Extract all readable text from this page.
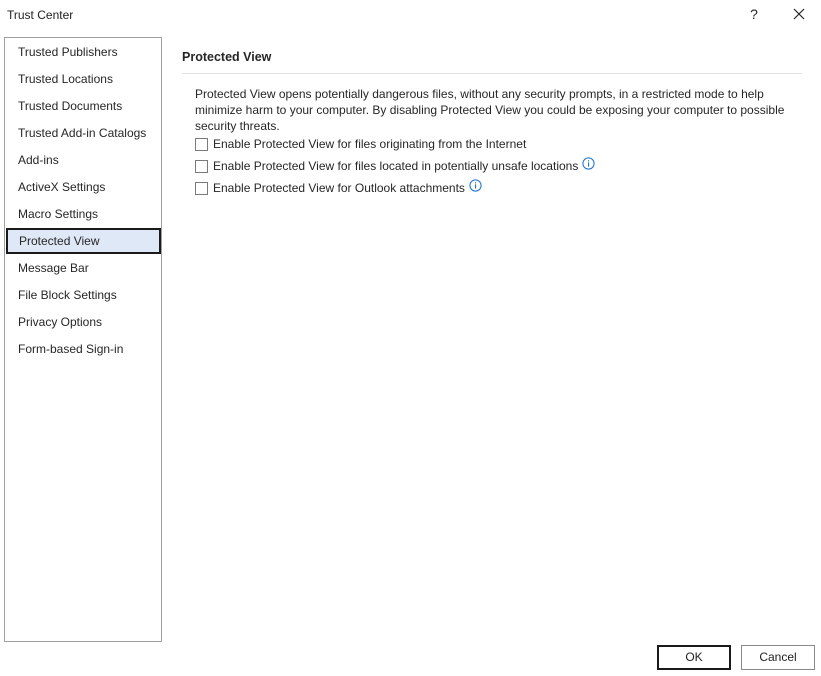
Trust Center	?
Trusted Publishers
Trusted Locations
Trusted Documents
Trusted Add-in Catalogs
Add-ins
ActiveX Settings
Macro Settings
Protected View
Message Bar
File Block Settings
Privacy Options
Form-based Sign-in
Protected View
Protected View opens potentially dangerous files, without any security prompts, in a restricted mode to help minimize harm to your computer. By disabling Protected View you could be exposing your computer to possible security threats.
Enable Protected View for files originating from the Internet
Enable Protected View for files located in potentially unsafe locations
Enable Protected View for Outlook attachments
OK	Cancel
